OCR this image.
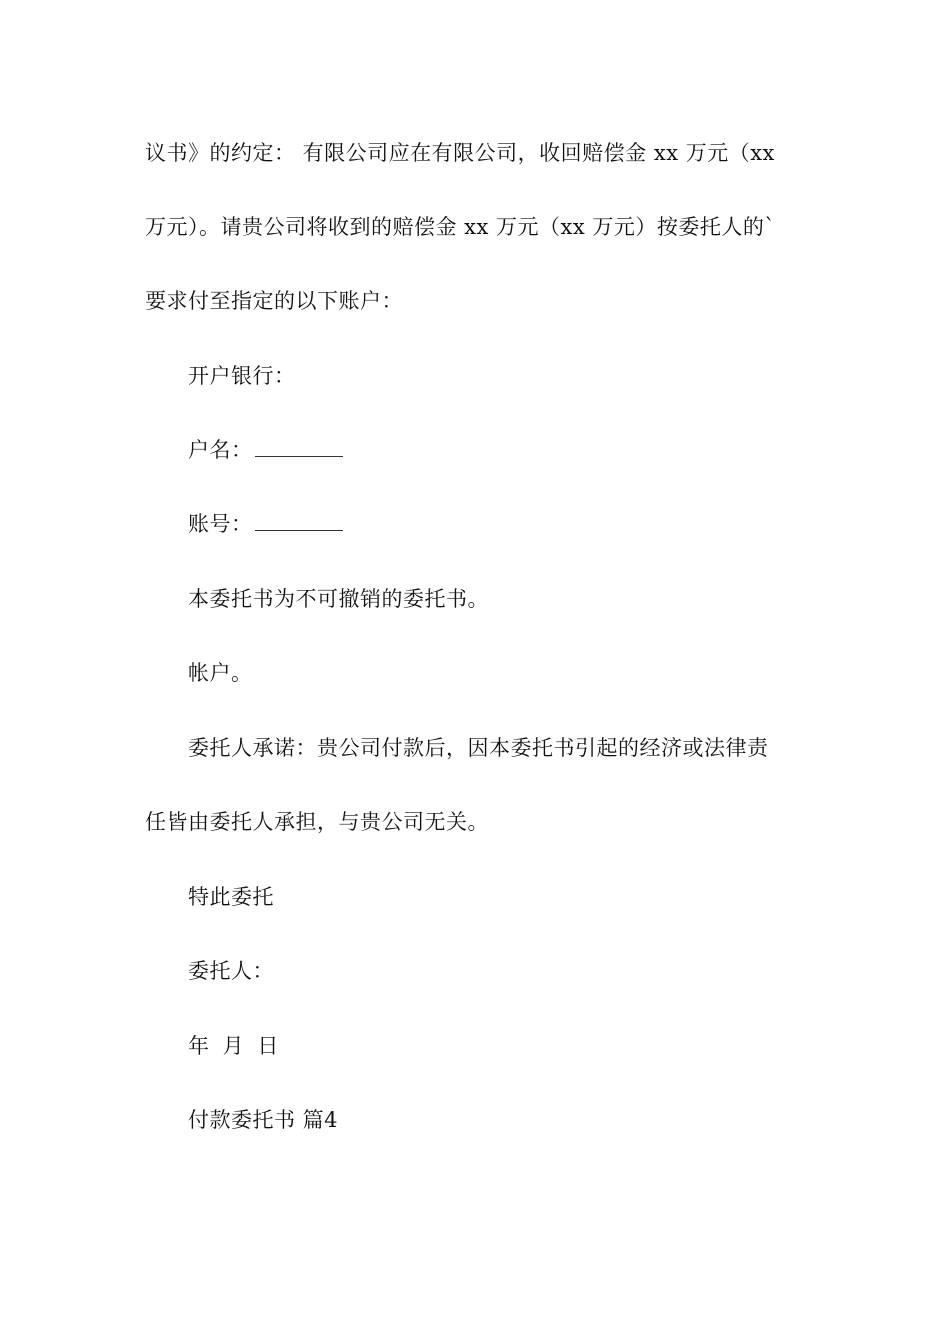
议书》的约定： 有限公司应在有限公司，收回赔偿金 xx 万元（xx
万元）。请贵公司将收到的赔偿金 xx 万元（xx 万元）按委托人的`
要求付至指定的以下账户：
开户银行：
户名：
账号：
本委托书为不可撤销的委托书。
帐户。
委托人承诺：贵公司付款后，因本委托书引起的经济或法律责
任皆由委托人承担，与贵公司无关。
特此委托
委托人：
年 月 日
付款委托书 篇4
